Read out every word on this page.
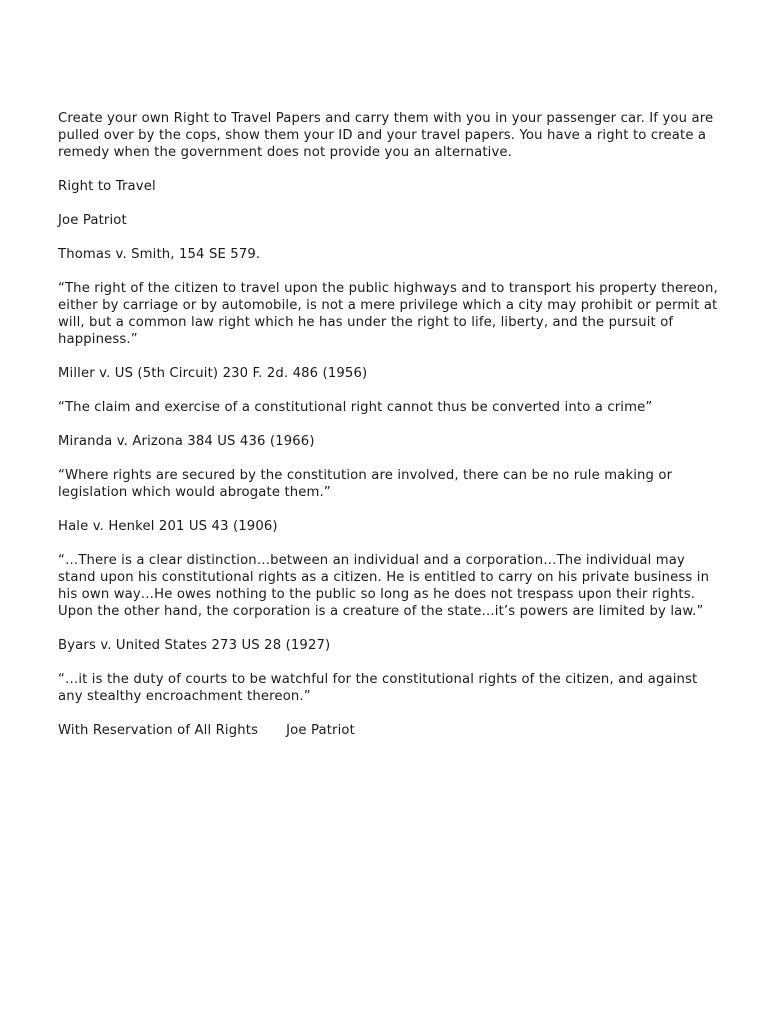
Create your own Right to Travel Papers and carry them with you in your passenger car. If you are pulled over by the cops, show them your ID and your travel papers. You have a right to create a remedy when the government does not provide you an alternative.

Right to Travel

Joe Patriot

Thomas v. Smith, 154 SE 579.

“The right of the citizen to travel upon the public highways and to transport his property thereon, either by carriage or by automobile, is not a mere privilege which a city may prohibit or permit at will, but a common law right which he has under the right to life, liberty, and the pursuit of happiness.”

Miller v. US (5th Circuit) 230 F. 2d. 486 (1956)

“The claim and exercise of a constitutional right cannot thus be converted into a crime”

Miranda v. Arizona 384 US 436 (1966)

“Where rights are secured by the constitution are involved, there can be no rule making or legislation which would abrogate them.”

Hale v. Henkel 201 US 43 (1906)

“…There is a clear distinction…between an individual and a corporation…The individual may stand upon his constitutional rights as a citizen. He is entitled to carry on his private business in his own way…He owes nothing to the public so long as he does not trespass upon their rights. Upon the other hand, the corporation is a creature of the state…it’s powers are limited by law.”

Byars v. United States 273 US 28 (1927)

“…it is the duty of courts to be watchful for the constitutional rights of the citizen, and against any stealthy encroachment thereon.”

With Reservation of All Rights Joe Patriot
